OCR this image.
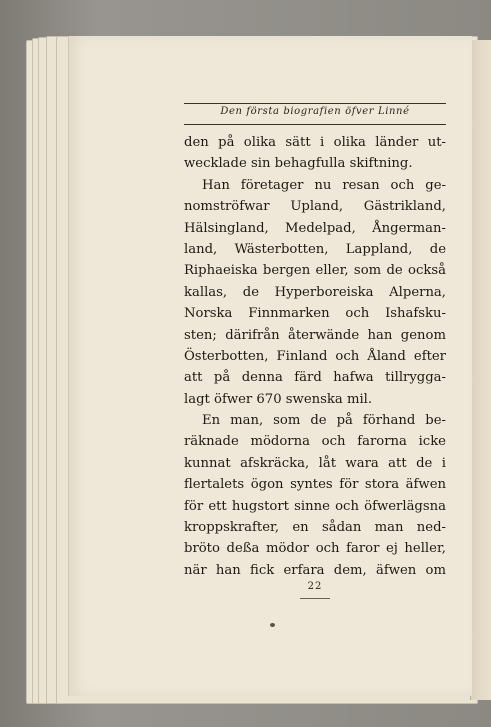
Den första biografien öfver Linné
den på olika sätt i olika länder ut-
wecklade sin behagfulla skiftning.
Han företager nu resan och ge-
nomströfwar Upland, Gästrikland,
Hälsingland, Medelpad, Ångerman-
land, Wästerbotten, Lappland, de
Riphaeiska bergen eller, som de också
kallas, de Hyperboreiska Alperna,
Norska Finnmarken och Ishafsku-
sten; därifrån återwände han genom
Österbotten, Finland och Åland efter
att på denna färd hafwa tillrygga-
lagt öfwer 670 swenska mil.
En man, som de på förhand be-
räknade mödorna och farorna icke
kunnat afskräcka, låt wara att de i
flertalets ögon syntes för stora äfwen
för ett hugstort sinne och öfwerlägsna
kroppskrafter, en sådan man ned-
bröto deßa mödor och faror ej heller,
när han fick erfara dem, äfwen om
22
